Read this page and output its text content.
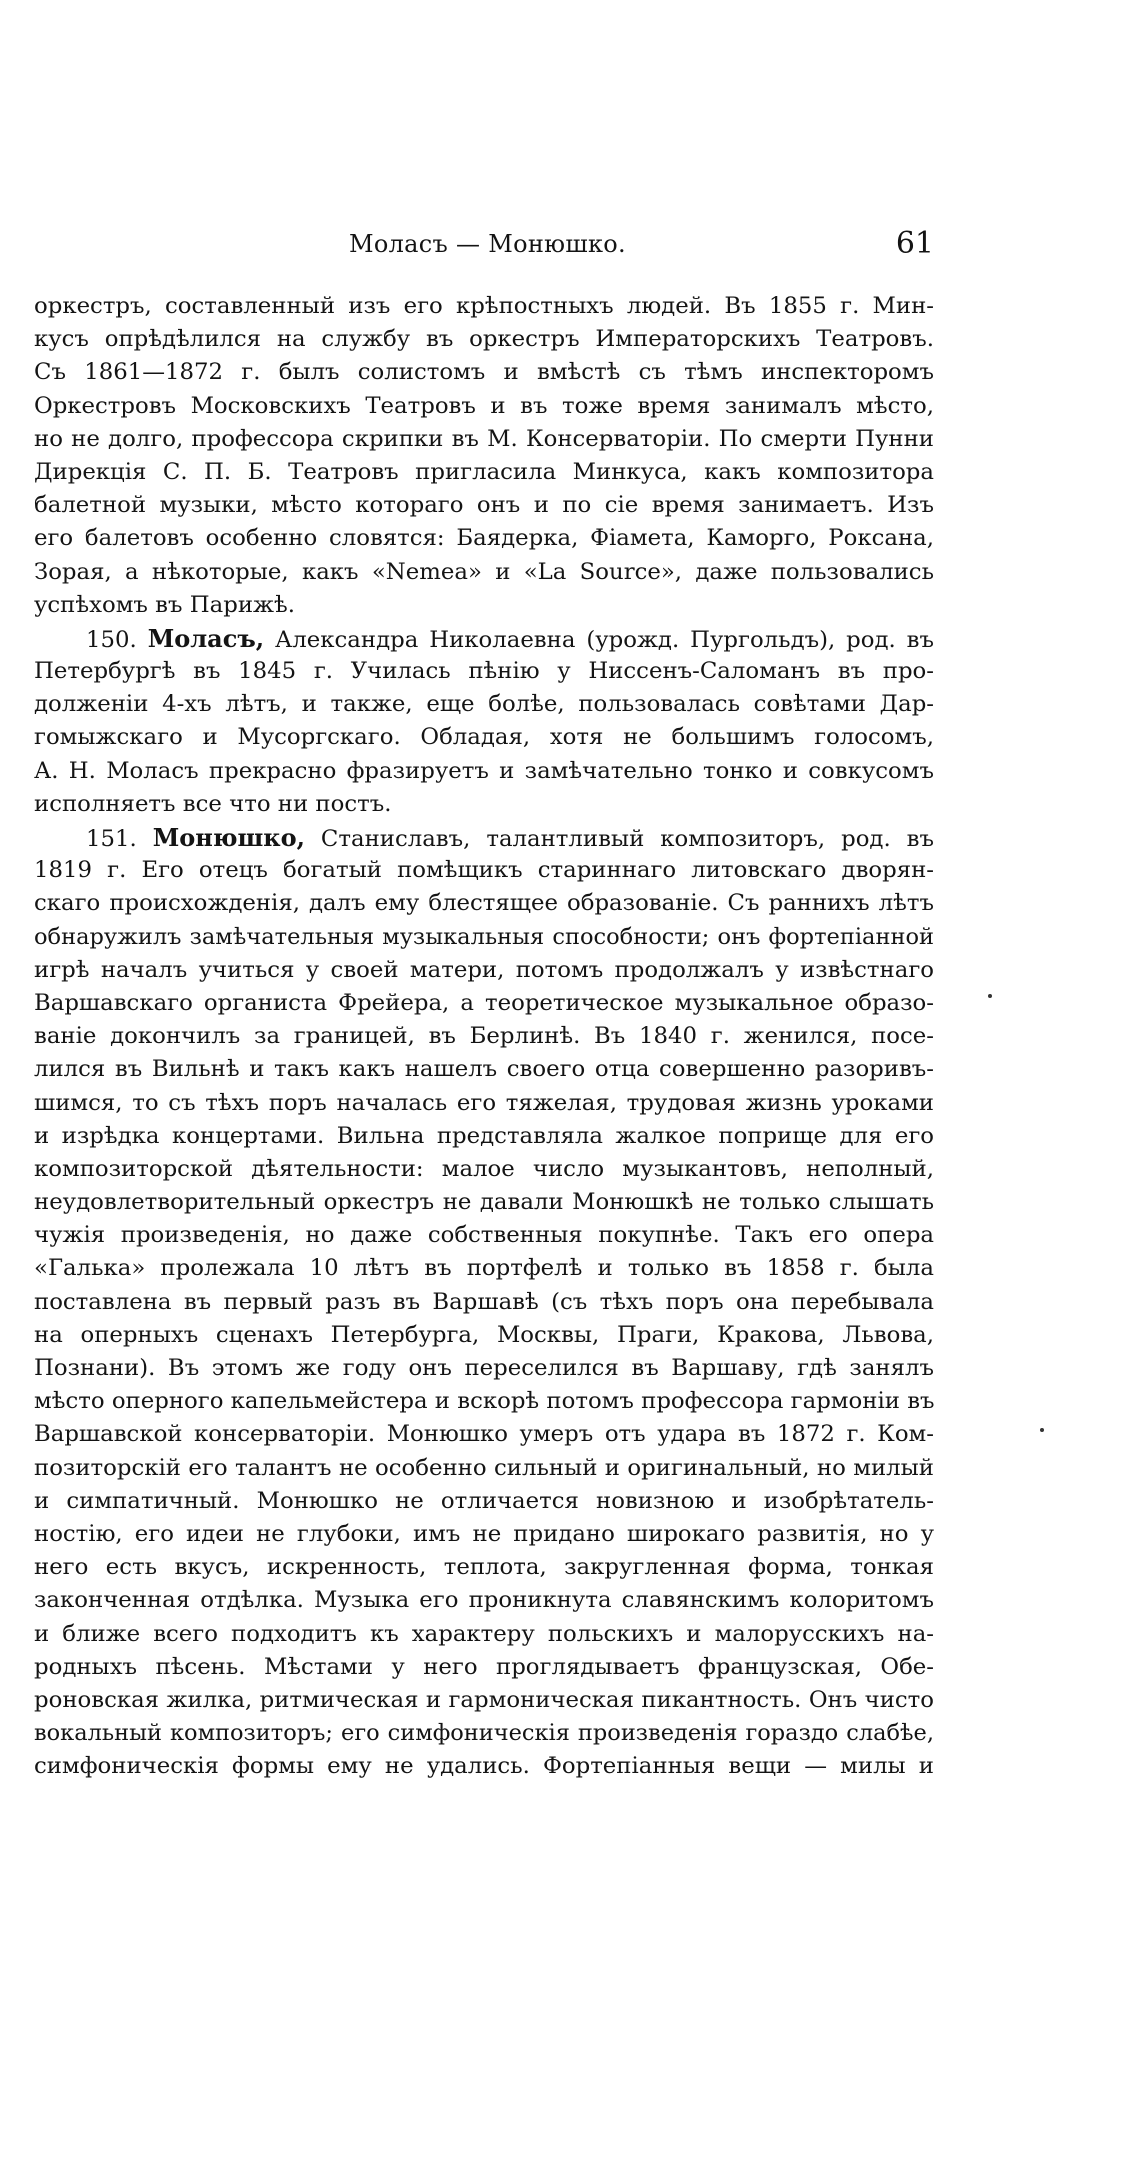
Моласъ — Монюшко.	61
оркестръ, составленный изъ его крѣпостныхъ людей. Въ 1855 г. Мин-
кусъ опрѣдѣлился на службу въ оркестръ Императорскихъ Театровъ.
Съ 1861—1872 г. былъ солистомъ и вмѣстѣ съ тѣмъ инспекторомъ
Оркестровъ Московскихъ Театровъ и въ тоже время занималъ мѣсто,
но не долго, профессора скрипки въ М. Консерваторіи. По смерти Пунни
Дирекція С. П. Б. Театровъ пригласила Минкуса, какъ композитора
балетной музыки, мѣсто котораго онъ и по сіе время занимаетъ. Изъ
его балетовъ особенно словятся: Баядерка, Фіамета, Каморго, Роксана,
Зорая, а нѣкоторые, какъ «Nemea» и «La Source», даже пользовались
успѣхомъ въ Парижѣ.
150. Моласъ, Александра Николаевна (урожд. Пургольдъ), род. въ
Петербургѣ въ 1845 г. Училась пѣнію у Ниссенъ-Саломанъ въ про-
долженіи 4-хъ лѣтъ, и также, еще болѣе, пользовалась совѣтами Дар-
гомыжскаго и Мусоргскаго. Обладая, хотя не большимъ голосомъ,
А. Н. Моласъ прекрасно фразируетъ и замѣчательно тонко и совкусомъ
исполняетъ все что ни постъ.
151. Монюшко, Станиславъ, талантливый композиторъ, род. въ
1819 г. Его отецъ богатый помѣщикъ стариннаго литовскаго дворян-
скаго происхожденія, далъ ему блестящее образованіе. Съ раннихъ лѣтъ
обнаружилъ замѣчательныя музыкальныя способности; онъ фортепіанной
игрѣ началъ учиться у своей матери, потомъ продолжалъ у извѣстнаго
Варшавскаго органиста Фрейера, а теоретическое музыкальное образо-
ваніе докончилъ за границей, въ Берлинѣ. Въ 1840 г. женился, посе-
лился въ Вильнѣ и такъ какъ нашелъ своего отца совершенно разоривъ-
шимся, то съ тѣхъ поръ началась его тяжелая, трудовая жизнь уроками
и изрѣдка концертами. Вильна представляла жалкое поприще для его
композиторской дѣятельности: малое число музыкантовъ, неполный,
неудовлетворительный оркестръ не давали Монюшкѣ не только слышать
чужія произведенія, но даже собственныя покупнѣе. Такъ его опера
«Галька» пролежала 10 лѣтъ въ портфелѣ и только въ 1858 г. была
поставлена въ первый разъ въ Варшавѣ (съ тѣхъ поръ она перебывала
на оперныхъ сценахъ Петербурга, Москвы, Праги, Кракова, Львова,
Познани). Въ этомъ же году онъ переселился въ Варшаву, гдѣ занялъ
мѣсто оперного капельмейстера и вскорѣ потомъ профессора гармоніи въ
Варшавской консерваторіи. Монюшко умеръ отъ удара въ 1872 г. Ком-
позиторскій его талантъ не особенно сильный и оригинальный, но милый
и симпатичный. Монюшко не отличается новизною и изобрѣтатель-
ностію, его идеи не глубоки, имъ не придано широкаго развитія, но у
него есть вкусъ, искренность, теплота, закругленная форма, тонкая
законченная отдѣлка. Музыка его проникнута славянскимъ колоритомъ
и ближе всего подходитъ къ характеру польскихъ и малорусскихъ на-
родныхъ пѣсень. Мѣстами у него проглядываетъ французская, Обе-
роновская жилка, ритмическая и гармоническая пикантность. Онъ чисто
вокальный композиторъ; его симфоническія произведенія гораздо слабѣе,
симфоническія формы ему не удались. Фортепіанныя вещи — милы и
